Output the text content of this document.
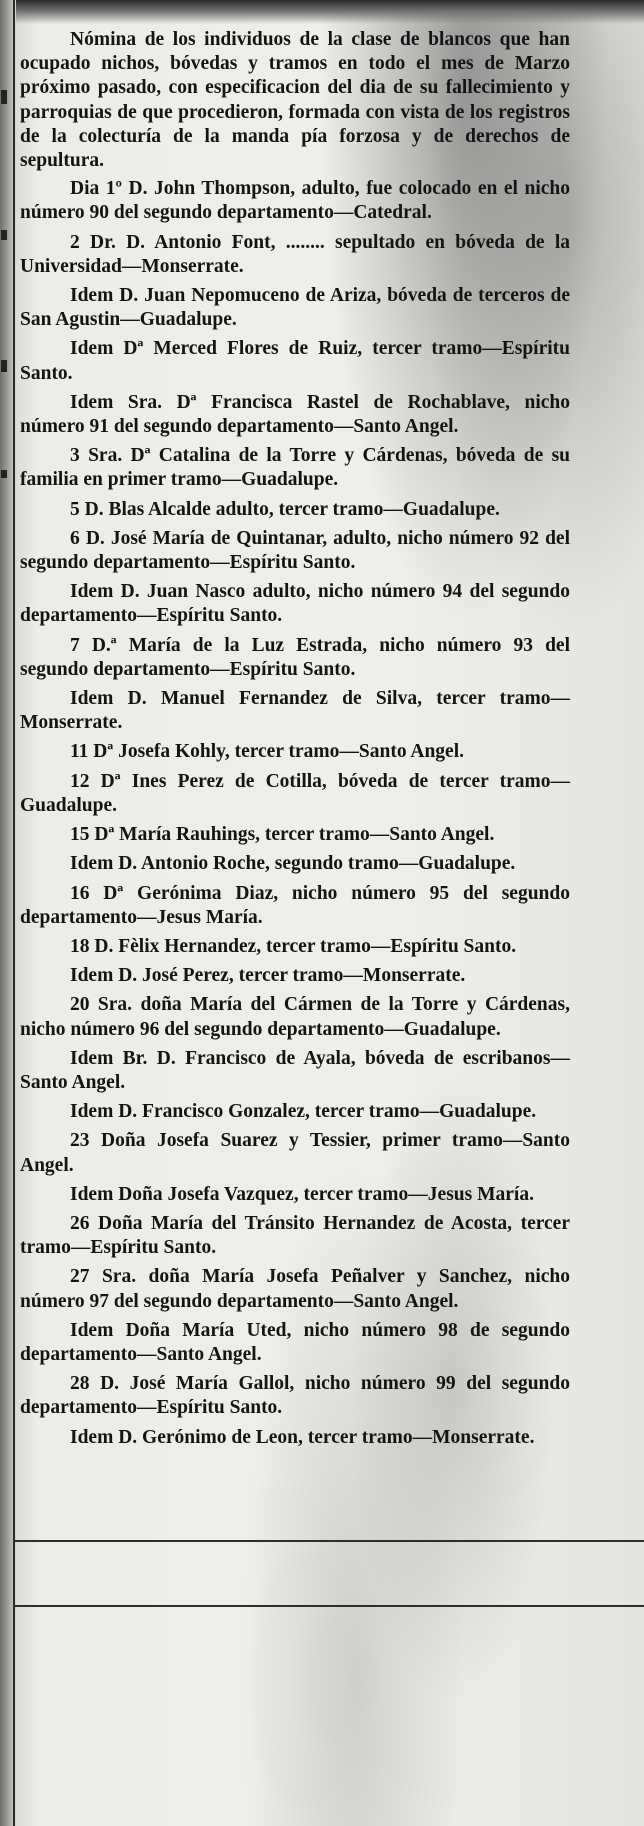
Nómina de los individuos de la clase de blancos que han ocupado nichos, bóvedas y tramos en todo el mes de Marzo próximo pasado, con especificacion del dia de su fallecimiento y parroquias de que procedieron, formada con vista de los registros de la colecturía de la manda pía forzosa y de derechos de sepultura.

Dia 1º D. John Thompson, adulto, fue colocado en el nicho número 90 del segundo departamento—Catedral.

2 Dr. D. Antonio Font, ........ sepultado en bóveda de la Universidad—Monserrate.

Idem D. Juan Nepomuceno de Ariza, bóveda de terceros de San Agustin—Guadalupe.

Idem Dª Merced Flores de Ruiz, tercer tramo—Espíritu Santo.

Idem Sra. Dª Francisca Rastel de Rochablave, nicho número 91 del segundo departamento—Santo Angel.

3 Sra. Dª Catalina de la Torre y Cárdenas, bóveda de su familia en primer tramo—Guadalupe.

5 D. Blas Alcalde adulto, tercer tramo—Guadalupe.

6 D. José María de Quintanar, adulto, nicho número 92 del segundo departamento—Espíritu Santo.

Idem D. Juan Nasco adulto, nicho número 94 del segundo departamento—Espíritu Santo.

7 D.ª María de la Luz Estrada, nicho número 93 del segundo departamento—Espíritu Santo.

Idem D. Manuel Fernandez de Silva, tercer tramo—Monserrate.

11 Dª Josefa Kohly, tercer tramo—Santo Angel.

12 Dª Ines Perez de Cotilla, bóveda de tercer tramo—Guadalupe.

15 Dª María Rauhings, tercer tramo—Santo Angel.

Idem D. Antonio Roche, segundo tramo—Guadalupe.

16 Dª Gerónima Diaz, nicho número 95 del segundo departamento—Jesus María.

18 D. Fèlix Hernandez, tercer tramo—Espíritu Santo.

Idem D. José Perez, tercer tramo—Monserrate.

20 Sra. doña María del Cármen de la Torre y Cárdenas, nicho número 96 del segundo departamento—Guadalupe.

Idem Br. D. Francisco de Ayala, bóveda de escribanos—Santo Angel.

Idem D. Francisco Gonzalez, tercer tramo—Guadalupe.

23 Doña Josefa Suarez y Tessier, primer tramo—Santo Angel.

Idem Doña Josefa Vazquez, tercer tramo—Jesus María.

26 Doña María del Tránsito Hernandez de Acosta, tercer tramo—Espíritu Santo.

27 Sra. doña María Josefa Peñalver y Sanchez, nicho número 97 del segundo departamento—Santo Angel.

Idem Doña María Uted, nicho número 98 de segundo departamento—Santo Angel.

28 D. José María Gallol, nicho número 99 del segundo departamento—Espíritu Santo.

Idem D. Gerónimo de Leon, tercer tramo—Monserrate.
